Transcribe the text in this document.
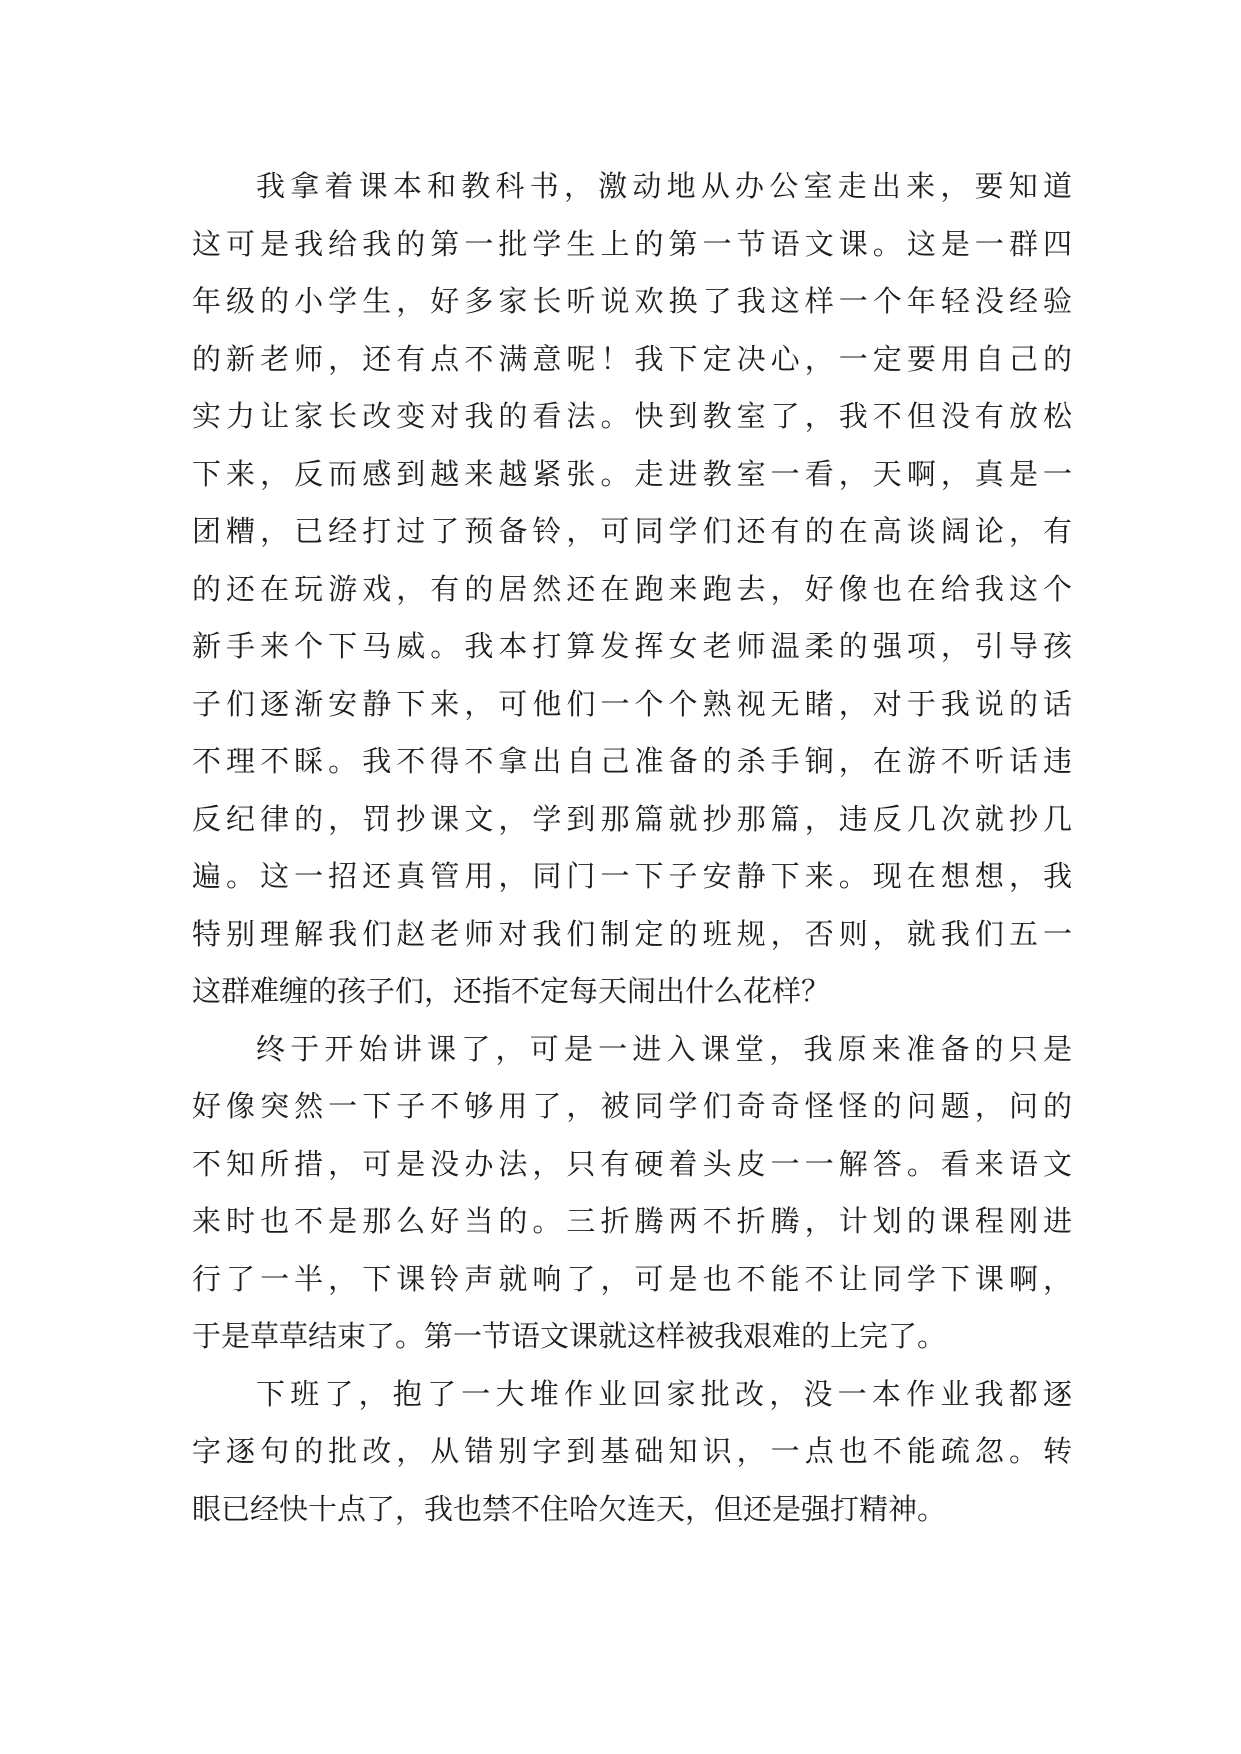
我拿着课本和教科书，激动地从办公室走出来，要知道
这可是我给我的第一批学生上的第一节语文课。这是一群四
年级的小学生，好多家长听说欢换了我这样一个年轻没经验
的新老师，还有点不满意呢！我下定决心，一定要用自己的
实力让家长改变对我的看法。快到教室了，我不但没有放松
下来，反而感到越来越紧张。走进教室一看，天啊，真是一
团糟，已经打过了预备铃，可同学们还有的在高谈阔论，有
的还在玩游戏，有的居然还在跑来跑去，好像也在给我这个
新手来个下马威。我本打算发挥女老师温柔的强项，引导孩
子们逐渐安静下来，可他们一个个熟视无睹，对于我说的话
不理不睬。我不得不拿出自己准备的杀手锏，在游不听话违
反纪律的，罚抄课文，学到那篇就抄那篇，违反几次就抄几
遍。这一招还真管用，同门一下子安静下来。现在想想，我
特别理解我们赵老师对我们制定的班规，否则，就我们五一
这群难缠的孩子们，还指不定每天闹出什么花样？
终于开始讲课了，可是一进入课堂，我原来准备的只是
好像突然一下子不够用了，被同学们奇奇怪怪的问题，问的
不知所措，可是没办法，只有硬着头皮一一解答。看来语文
来时也不是那么好当的。三折腾两不折腾，计划的课程刚进
行了一半，下课铃声就响了，可是也不能不让同学下课啊，
于是草草结束了。第一节语文课就这样被我艰难的上完了。
下班了，抱了一大堆作业回家批改，没一本作业我都逐
字逐句的批改，从错别字到基础知识，一点也不能疏忽。转
眼已经快十点了，我也禁不住哈欠连天，但还是强打精神。
